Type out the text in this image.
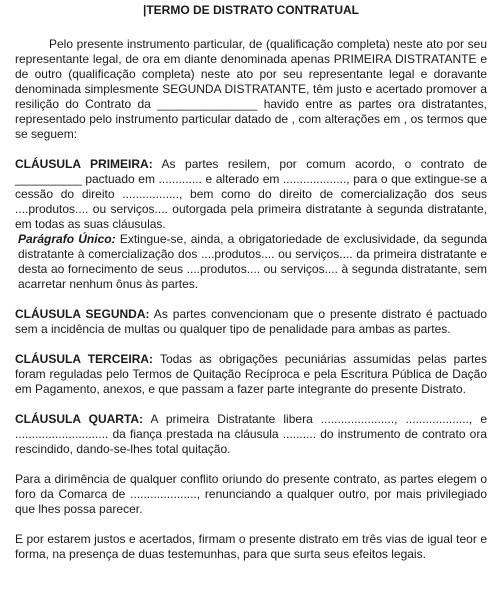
|TERMO DE DISTRATO CONTRATUAL

Pelo presente instrumento particular, de (qualificação completa) neste ato por seu representante legal, de ora em diante denominada apenas PRIMEIRA DISTRATANTE e de outro (qualificação completa) neste ato por seu representante legal e doravante denominada simplesmente SEGUNDA DISTRATANTE, têm justo e acertado promover a resilição do Contrato da _______________ havido entre as partes ora distratantes, representado pelo instrumento particular datado de , com alterações em , os termos que se seguem:

CLÁUSULA PRIMEIRA: As partes resilem, por comum acordo, o contrato de __________ pactuado em ............. e alterado em ..................., para o que extingue-se a cessão do direito ................., bem como do direito de comercialização dos seus ....produtos.... ou serviços.... outorgada pela primeira distratante à segunda distratante, em todas as suas cláusulas.

Parágrafo Único: Extingue-se, ainda, a obrigatoriedade de exclusividade, da segunda distratante à comercialização dos ....produtos.... ou serviços.... da primeira distratante e desta ao fornecimento de seus ....produtos.... ou serviços.... à segunda distratante, sem acarretar nenhum ônus às partes.

CLÁUSULA SEGUNDA: As partes convencionam que o presente distrato é pactuado sem a incidência de multas ou qualquer tipo de penalidade para ambas as partes.

CLÁUSULA TERCEIRA: Todas as obrigações pecuniárias assumidas pelas partes foram reguladas pelo Termos de Quitação Recíproca e pela Escritura Pública de Dação em Pagamento, anexos, e que passam a fazer parte integrante do presente Distrato.

CLÁUSULA QUARTA: A primeira Distratante libera ......................, ..................., e ............................ da fiança prestada na cláusula .......... do instrumento de contrato ora rescindido, dando-se-lhes total quitação.

Para a dirimência de qualquer conflito oriundo do presente contrato, as partes elegem o foro da Comarca de ...................., renunciando a qualquer outro, por mais privilegiado que lhes possa parecer.

E por estarem justos e acertados, firmam o presente distrato em três vias de igual teor e forma, na presença de duas testemunhas, para que surta seus efeitos legais.
